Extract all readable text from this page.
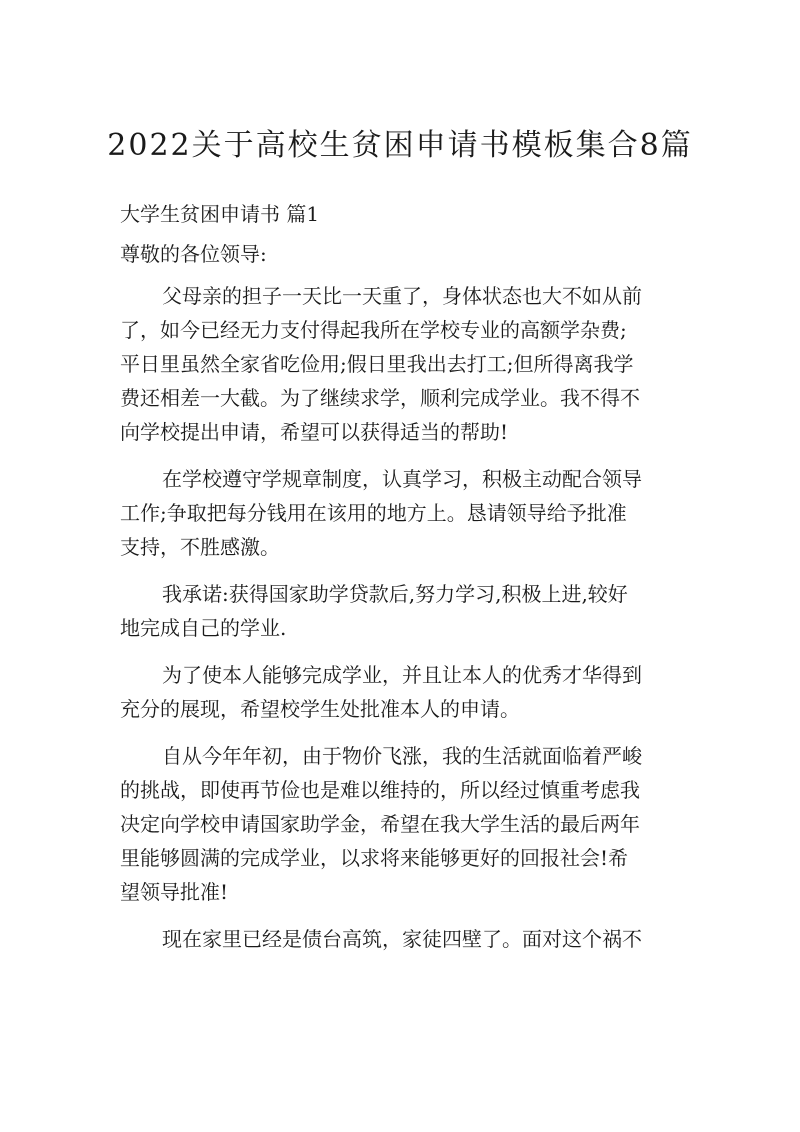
2022关于高校生贫困申请书模板集合8篇
大学生贫困申请书 篇1

尊敬的各位领导:

父母亲的担子一天比一天重了，身体状态也大不如从前
了，如今已经无力支付得起我所在学校专业的高额学杂费;
平日里虽然全家省吃俭用;假日里我出去打工;但所得离我学
费还相差一大截。为了继续求学，顺利完成学业。我不得不
向学校提出申请，希望可以获得适当的帮助!

在学校遵守学规章制度，认真学习，积极主动配合领导
工作;争取把每分钱用在该用的地方上。恳请领导给予批准
支持，不胜感激。

我承诺:获得国家助学贷款后,努力学习,积极上进,较好
地完成自己的学业.

为了使本人能够完成学业，并且让本人的优秀才华得到
充分的展现，希望校学生处批准本人的申请。

自从今年年初，由于物价飞涨，我的生活就面临着严峻
的挑战，即使再节俭也是难以维持的，所以经过慎重考虑我
决定向学校申请国家助学金，希望在我大学生活的最后两年
里能够圆满的完成学业，以求将来能够更好的回报社会!希
望领导批准!

现在家里已经是债台高筑，家徒四壁了。面对这个祸不
